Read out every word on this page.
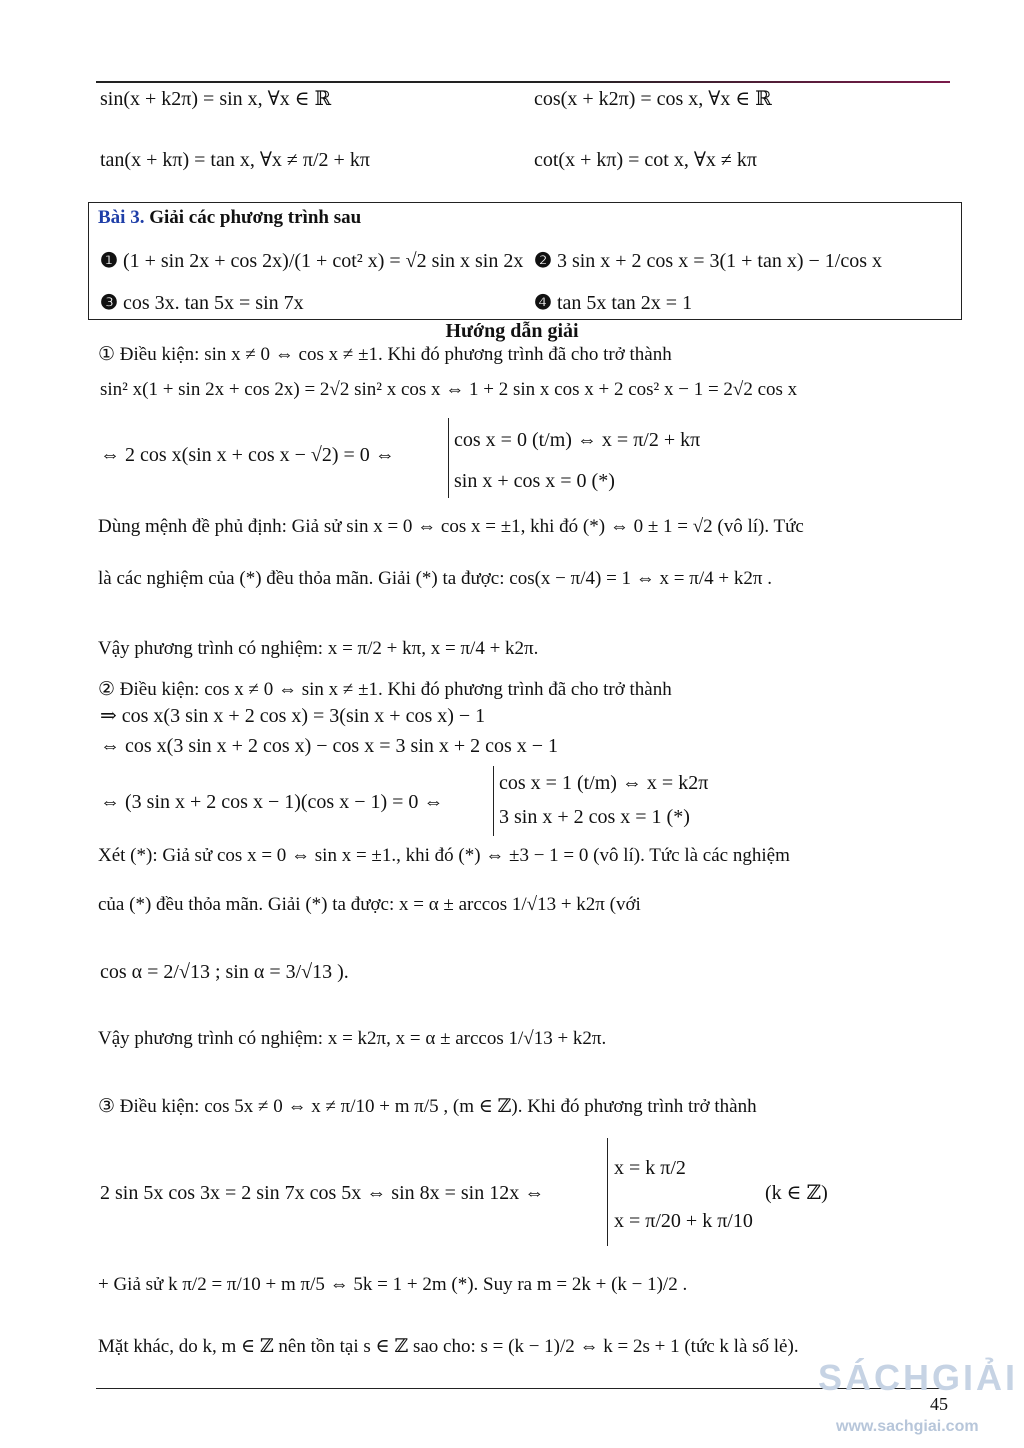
sin(x + k2π) = sin x, ∀x ∈ ℝ	cos(x + k2π) = cos x, ∀x ∈ ℝ
tan(x + kπ) = tan x, ∀x ≠ π/2 + kπ	cot(x + kπ) = cot x, ∀x ≠ kπ
Bài 3. Giải các phương trình sau
❶ (1 + sin 2x + cos 2x)/(1 + cot² x) = √2 sin x sin 2x ❷ 3 sin x + 2 cos x = 3(1 + tan x) − 1/cos x
❸ cos 3x. tan 5x = sin 7x	❹ tan 5x tan 2x = 1
Hướng dẫn giải
① Điều kiện: sin x ≠ 0 ⇔ cos x ≠ ±1. Khi đó phương trình đã cho trở thành
sin² x(1 + sin 2x + cos 2x) = 2√2 sin² x cos x ⇔ 1 + 2 sin x cos x + 2 cos² x − 1 = 2√2 cos x
⇔ 2 cos x(sin x + cos x − √2) = 0 ⇔
cos x = 0 (t/m) ⇔ x = π/2 + kπ
sin x + cos x = 0 (*)
Dùng mệnh đề phủ định: Giả sử sin x = 0 ⇔ cos x = ±1, khi đó (*) ⇔ 0 ± 1 = √2 (vô lí). Tức
là các nghiệm của (*) đều thỏa mãn. Giải (*) ta được: cos(x − π/4) = 1 ⇔ x = π/4 + k2π .
Vậy phương trình có nghiệm: x = π/2 + kπ, x = π/4 + k2π.
② Điều kiện: cos x ≠ 0 ⇔ sin x ≠ ±1. Khi đó phương trình đã cho trở thành
⇒ cos x(3 sin x + 2 cos x) = 3(sin x + cos x) − 1
⇔ cos x(3 sin x + 2 cos x) − cos x = 3 sin x + 2 cos x − 1
⇔ (3 sin x + 2 cos x − 1)(cos x − 1) = 0 ⇔
cos x = 1 (t/m) ⇔ x = k2π
3 sin x + 2 cos x = 1 (*)
Xét (*): Giả sử cos x = 0 ⇔ sin x = ±1., khi đó (*) ⇔ ±3 − 1 = 0 (vô lí). Tức là các nghiệm
của (*) đều thỏa mãn. Giải (*) ta được: x = α ± arccos 1/√13 + k2π (với
cos α = 2/√13 ; sin α = 3/√13 ).
Vậy phương trình có nghiệm: x = k2π, x = α ± arccos 1/√13 + k2π.
③ Điều kiện: cos 5x ≠ 0 ⇔ x ≠ π/10 + m π/5 , (m ∈ ℤ). Khi đó phương trình trở thành
2 sin 5x cos 3x = 2 sin 7x cos 5x ⇔ sin 8x = sin 12x ⇔
x = k π/2
x = π/20 + k π/10
(k ∈ ℤ)
+ Giả sử k π/2 = π/10 + m π/5 ⇔ 5k = 1 + 2m (*). Suy ra m = 2k + (k − 1)/2 .
Mặt khác, do k, m ∈ ℤ nên tồn tại s ∈ ℤ sao cho: s = (k − 1)/2 ⇔ k = 2s + 1 (tức k là số lẻ).
SÁCHGIẢI
45
www.sachgiai.com
